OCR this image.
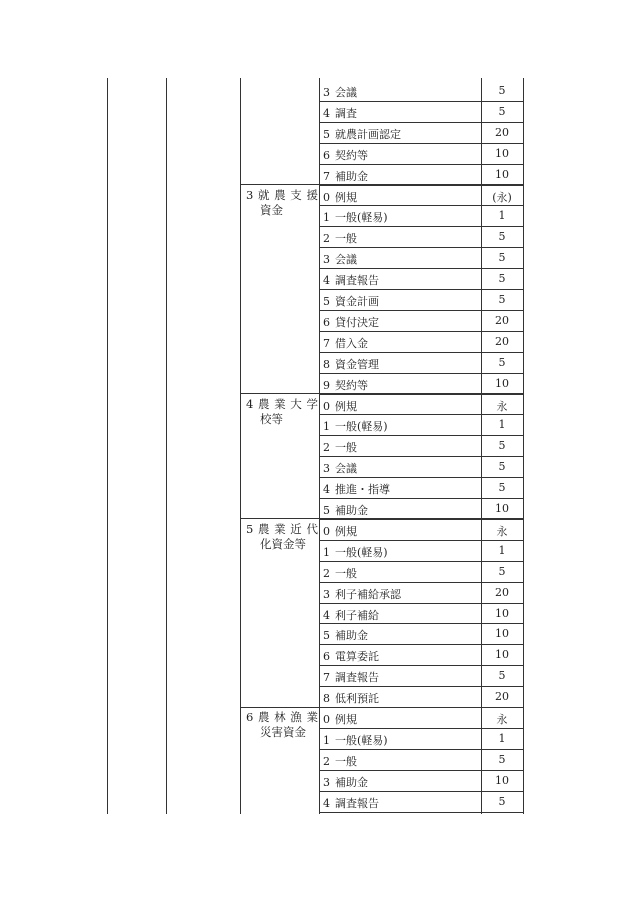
3 会議	5
4 調査	5
5 就農計画認定	20
6 契約等	10
7 補助金	10
3 就 農 支 援
資金
0 例規	(永)
1 一般(軽易)	1
2 一般	5
3 会議	5
4 調査報告	5
5 資金計画	5
6 貸付決定	20
7 借入金	20
8 資金管理	5
9 契約等	10
4 農 業 大 学
校等
0 例規	永
1 一般(軽易)	1
2 一般	5
3 会議	5
4 推進・指導	5
5 補助金	10
5 農 業 近 代
化資金等
0 例規	永
1 一般(軽易)	1
2 一般	5
3 利子補給承認	20
4 利子補給	10
5 補助金	10
6 電算委託	10
7 調査報告	5
8 低利預託	20
6 農 林 漁 業
災害資金
0 例規	永
1 一般(軽易)	1
2 一般	5
3 補助金	10
4 調査報告	5
